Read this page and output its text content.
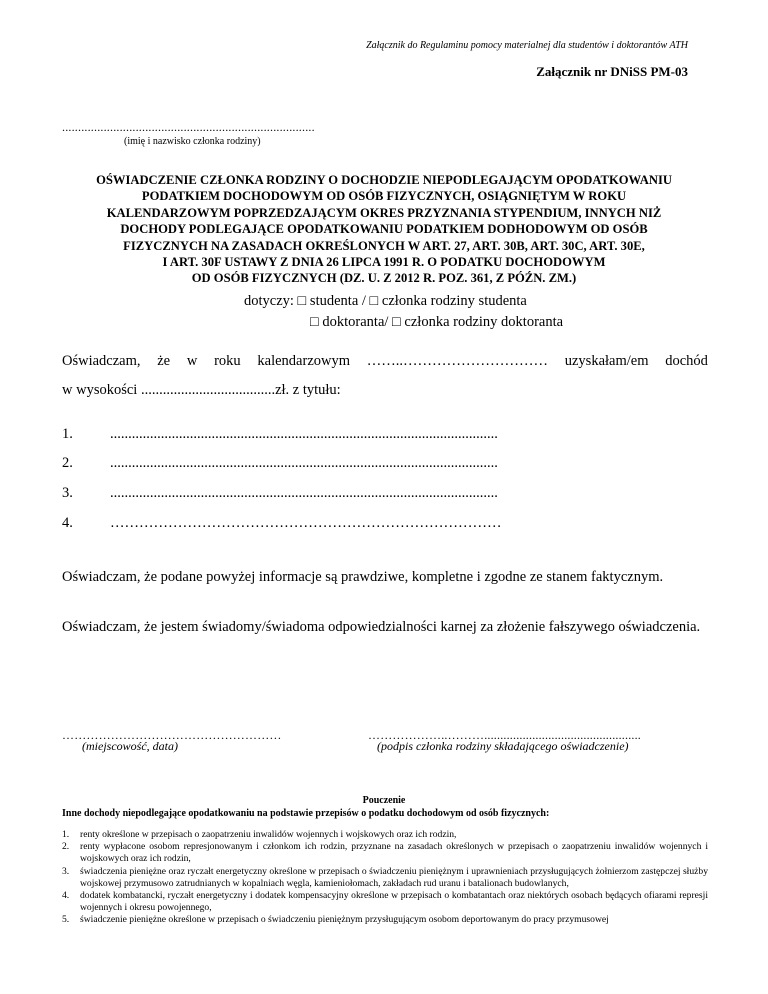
Załącznik do Regulaminu pomocy materialnej dla studentów i doktorantów ATH
Załącznik nr DNiSS PM-03
...............................................................................
(imię i nazwisko członka rodziny)
OŚWIADCZENIE CZŁONKA RODZINY O DOCHODZIE NIEPODLEGAJĄCYM OPODATKOWANIU
PODATKIEM DOCHODOWYM OD OSÓB FIZYCZNYCH, OSIĄGNIĘTYM W ROKU
KALENDARZOWYM POPRZEDZAJĄCYM OKRES PRZYZNANIA STYPENDIUM, INNYCH NIŻ
DOCHODY PODLEGAJĄCE OPODATKOWANIU PODATKIEM DODHODOWYM OD OSÓB
FIZYCZNYCH NA ZASADACH OKREŚLONYCH W ART. 27, ART. 30B, ART. 30C, ART. 30E,
I ART. 30F USTAWY Z DNIA 26 LIPCA 1991 R. O PODATKU DOCHODOWYM
OD OSÓB FIZYCZNYCH (DZ. U. Z 2012 R. POZ. 361, Z PÓŹN. ZM.)
dotyczy: □ studenta / □ członka rodziny studenta
□ doktoranta/ □ członka rodziny doktoranta
Oświadczam, że w roku kalendarzowym ……..………………………… uzyskałam/em dochód
w wysokości .....................................zł. z tytułu:
1.	...........................................................................................................
2.	...........................................................................................................
3.	...........................................................................................................
4.	………………………………………………………………………
Oświadczam, że podane powyżej informacje są prawdziwe, kompletne i zgodne ze stanem faktycznym.
Oświadczam, że jestem świadomy/świadoma odpowiedzialności karnej za złożenie fałszywego oświadczenia.
………………………………………………	………………..……….................................................
(miejscowość, data)	(podpis członka rodziny składającego oświadczenie)
Pouczenie
Inne dochody niepodlegające opodatkowaniu na podstawie przepisów o podatku dochodowym od osób fizycznych:
1. renty określone w przepisach o zaopatrzeniu inwalidów wojennych i wojskowych oraz ich rodzin,
2. renty wypłacone osobom represjonowanym i członkom ich rodzin, przyznane na zasadach określonych w przepisach o zaopatrzeniu inwalidów wojennych i wojskowych oraz ich rodzin,
3. świadczenia pieniężne oraz ryczałt energetyczny określone w przepisach o świadczeniu pieniężnym i uprawnieniach przysługujących żołnierzom zastępczej służby wojskowej przymusowo zatrudnianych w kopalniach węgla, kamieniołomach, zakładach rud uranu i batalionach budowlanych,
4. dodatek kombatancki, ryczałt energetyczny i dodatek kompensacyjny określone w przepisach o kombatantach oraz niektórych osobach będących ofiarami represji wojennych i okresu powojennego,
5. świadczenie pieniężne określone w przepisach o świadczeniu pieniężnym przysługującym osobom deportowanym do pracy przymusowej
